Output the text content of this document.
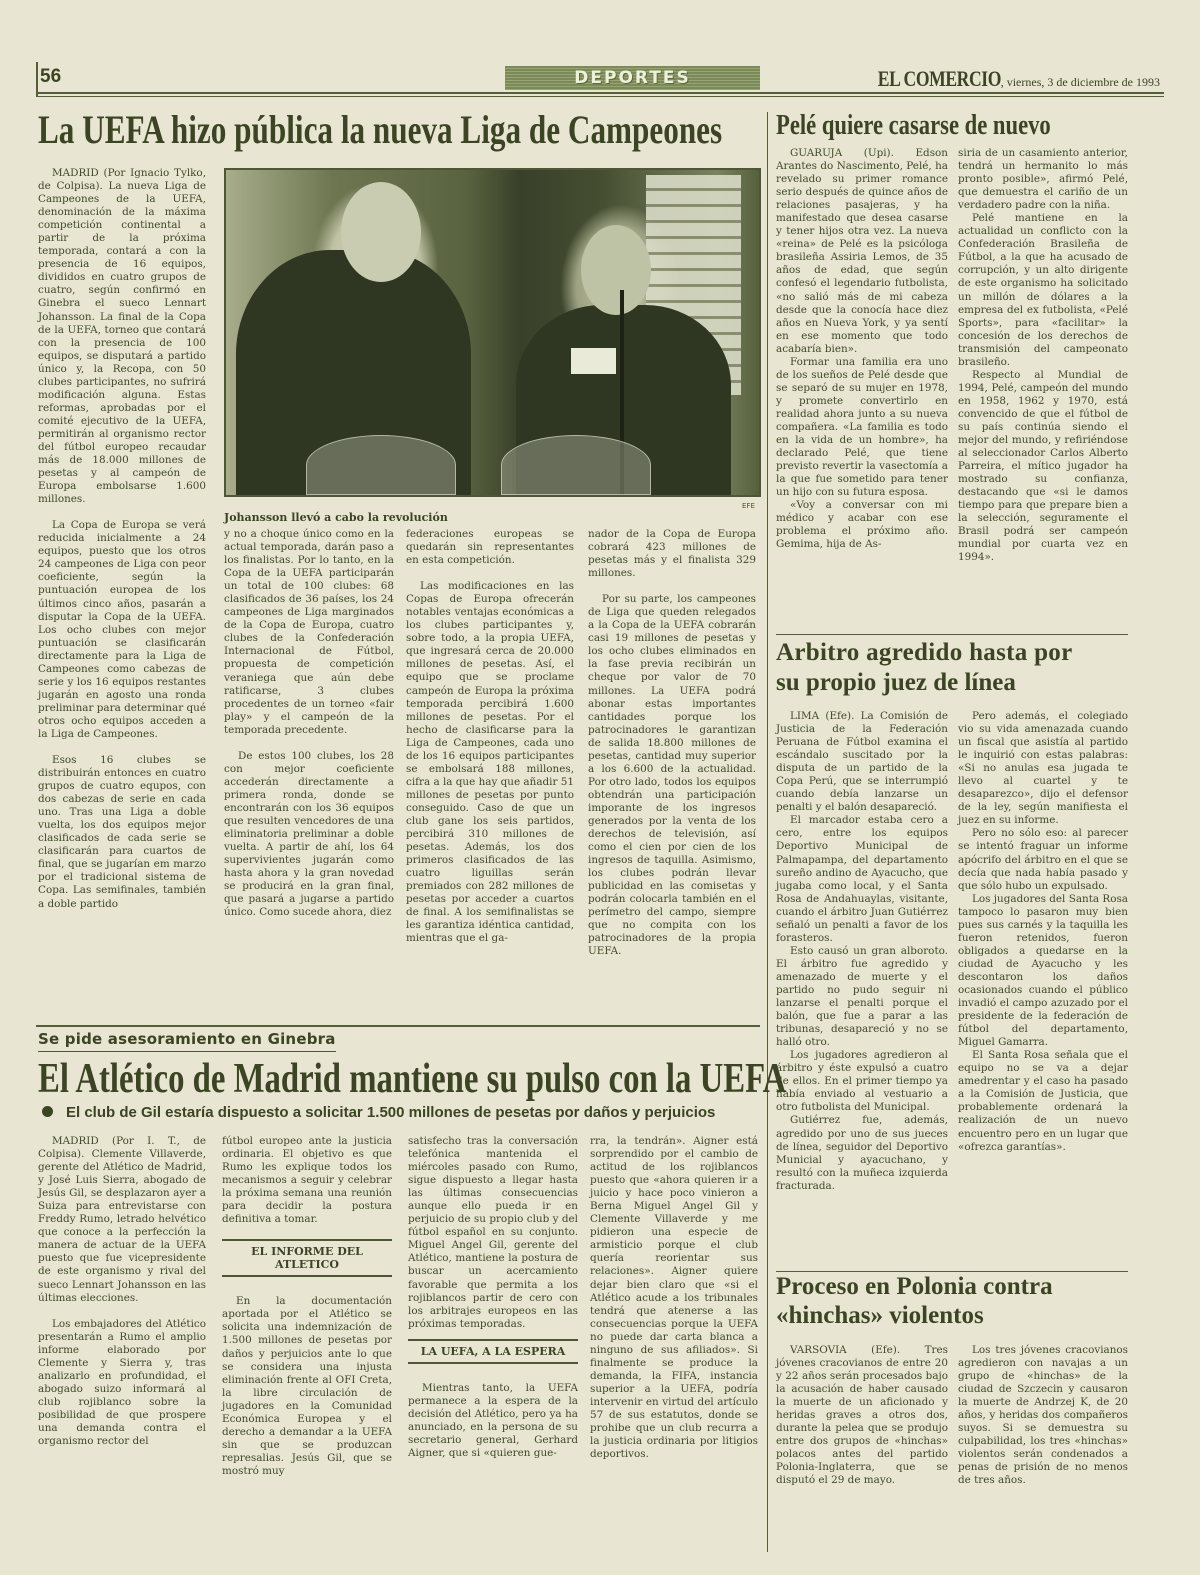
56	DEPORTES	EL COMERCIO, viernes, 3 de diciembre de 1993
La UEFA hizo pública la nueva Liga de Campeones

MADRID (Por Ignacio Tylko, de Colpisa). La nueva Liga de Campeones de la UEFA, denominación de la máxima competición continental a partir de la próxima temporada, contará a con la presencia de 16 equipos, divididos en cuatro grupos de cuatro, según confirmó en Ginebra el sueco Lennart Johansson. La final de la Copa de la UEFA, torneo que contará con la presencia de 100 equipos, se disputará a partido único y, la Recopa, con 50 clubes participantes, no sufrirá modificación alguna. Estas reformas, aprobadas por el comité ejecutivo de la UEFA, permitirán al organismo rector del fútbol europeo recaudar más de 18.000 millones de pesetas y al campeón de Europa embolsarse 1.600 millones.

La Copa de Europa se verá reducida inicialmente a 24 equipos, puesto que los otros 24 campeones de Liga con peor coeficiente, según la puntuación europea de los últimos cinco años, pasarán a disputar la Copa de la UEFA. Los ocho clubes con mejor puntuación se clasificarán directamente para la Liga de Campeones como cabezas de serie y los 16 equipos restantes jugarán en agosto una ronda preliminar para determinar qué otros ocho equipos acceden a la Liga de Campeones.

Esos 16 clubes se distribuirán entonces en cuatro grupos de cuatro equpos, con dos cabezas de serie en cada uno. Tras una Liga a doble vuelta, los dos equipos mejor clasificados de cada serie se clasificarán para cuartos de final, que se jugarían em marzo por el tradicional sistema de Copa. Las semifinales, también a doble partido

EFE
Johansson llevó a cabo la revolución

y no a choque único como en la actual temporada, darán paso a los finalistas. Por lo tanto, en la Copa de la UEFA participarán un total de 100 clubes: 68 clasificados de 36 países, los 24 campeones de Liga marginados de la Copa de Europa, cuatro clubes de la Confederación Internacional de Fútbol, propuesta de competición veraniega que aún debe ratificarse, 3 clubes procedentes de un torneo «fair play» y el campeón de la temporada precedente.

De estos 100 clubes, los 28 con mejor coeficiente accederán directamente a primera ronda, donde se encontrarán con los 36 equipos que resulten vencedores de una eliminatoria preliminar a doble vuelta. A partir de ahí, los 64 supervivientes jugarán como hasta ahora y la gran novedad se producirá en la gran final, que pasará a jugarse a partido único. Como sucede ahora, diez

federaciones europeas se quedarán sin representantes en esta competición.

Las modificaciones en las Copas de Europa ofrecerán notables ventajas económicas a los clubes participantes y, sobre todo, a la propia UEFA, que ingresará cerca de 20.000 millones de pesetas. Así, el equipo que se proclame campeón de Europa la próxima temporada percibirá 1.600 millones de pesetas. Por el hecho de clasificarse para la Liga de Campeones, cada uno de los 16 equipos participantes se embolsará 188 millones, cifra a la que hay que añadir 51 millones de pesetas por punto conseguido. Caso de que un club gane los seis partidos, percibirá 310 millones de pesetas. Además, los dos primeros clasificados de las cuatro liguillas serán premiados con 282 millones de pesetas por acceder a cuartos de final. A los semifinalistas se les garantiza idéntica cantidad, mientras que el ga-

nador de la Copa de Europa cobrará 423 millones de pesetas más y el finalista 329 millones.

Por su parte, los campeones de Liga que queden relegados a la Copa de la UEFA cobrarán casi 19 millones de pesetas y los ocho clubes eliminados en la fase previa recibirán un cheque por valor de 70 millones. La UEFA podrá abonar estas importantes cantidades porque los patrocinadores le garantizan de salida 18.800 millones de pesetas, cantidad muy superior a los 6.600 de la actualidad. Por otro lado, todos los equipos obtendrán una participación imporante de los ingresos generados por la venta de los derechos de televisión, así como el cien por cien de los ingresos de taquilla. Asimismo, los clubes podrán llevar publicidad en las comisetas y podrán colocarla también en el perímetro del campo, siempre que no compita con los patrocinadores de la propia UEFA.

Pelé quiere casarse de nuevo

GUARUJA (Upi). Edson Arantes do Nascimento, Pelé, ha revelado su primer romance serio después de quince años de relaciones pasajeras, y ha manifestado que desea casarse y tener hijos otra vez. La nueva «reina» de Pelé es la psicóloga brasileña Assiria Lemos, de 35 años de edad, que según confesó el legendario futbolista, «no salió más de mi cabeza desde que la conocía hace diez años en Nueva York, y ya sentí en ese momento que todo acabaría bien».

Formar una familia era uno de los sueños de Pelé desde que se separó de su mujer en 1978, y promete convertirlo en realidad ahora junto a su nueva compañera. «La familia es todo en la vida de un hombre», ha declarado Pelé, que tiene previsto revertir la vasectomía a la que fue sometido para tener un hijo con su futura esposa.

«Voy a conversar con mi médico y acabar con ese problema el próximo año. Gemima, hija de As-

siria de un casamiento anterior, tendrá un hermanito lo más pronto posible», afirmó Pelé, que demuestra el cariño de un verdadero padre con la niña.

Pelé mantiene en la actualidad un conflicto con la Confederación Brasileña de Fútbol, a la que ha acusado de corrupción, y un alto dirigente de este organismo ha solicitado un millón de dólares a la empresa del ex futbolista, «Pelé Sports», para «facilitar» la concesión de los derechos de transmisión del campeonato brasileño.

Respecto al Mundial de 1994, Pelé, campeón del mundo en 1958, 1962 y 1970, está convencido de que el fútbol de su país continúa siendo el mejor del mundo, y refiriéndose al seleccionador Carlos Alberto Parreira, el mítico jugador ha mostrado su confianza, destacando que «si le damos tiempo para que prepare bien a la selección, seguramente el Brasil podrá ser campeón mundial por cuarta vez en 1994».

Arbitro agredido hasta por
su propio juez de línea

LIMA (Efe). La Comisión de Justicia de la Federación Peruana de Fútbol examina el escándalo suscitado por la disputa de un partido de la Copa Perú, que se interrumpió cuando debía lanzarse un penalti y el balón desapareció.

El marcador estaba cero a cero, entre los equipos Deportivo Municipal de Palmapampa, del departamento sureño andino de Ayacucho, que jugaba como local, y el Santa Rosa de Andahuaylas, visitante, cuando el árbitro Juan Gutiérrez señaló un penalti a favor de los forasteros.

Esto causó un gran alboroto. El árbitro fue agredido y amenazado de muerte y el partido no pudo seguir ni lanzarse el penalti porque el balón, que fue a parar a las tribunas, desapareció y no se halló otro.

Los jugadores agredieron al árbitro y éste expulsó a cuatro de ellos. En el primer tiempo ya había enviado al vestuario a otro futbolista del Municipal.

Gutiérrez fue, además, agredido por uno de sus jueces de línea, seguidor del Deportivo Municial y ayacuchano, y resultó con la muñeca izquierda fracturada.

Pero además, el colegiado vio su vida amenazada cuando un fiscal que asistía al partido le inquirió con estas palabras: «Si no anulas esa jugada te llevo al cuartel y te desaparezco», dijo el defensor de la ley, según manifiesta el juez en su informe.

Pero no sólo eso: al parecer se intentó fraguar un informe apócrifo del árbitro en el que se decía que nada había pasado y que sólo hubo un expulsado.

Los jugadores del Santa Rosa tampoco lo pasaron muy bien pues sus carnés y la taquilla les fueron retenidos, fueron obligados a quedarse en la ciudad de Ayacucho y les descontaron los daños ocasionados cuando el público invadió el campo azuzado por el presidente de la federación de fútbol del departamento, Miguel Gamarra.

El Santa Rosa señala que el equipo no se va a dejar amedrentar y el caso ha pasado a la Comisión de Justicia, que probablemente ordenará la realización de un nuevo encuentro pero en un lugar que «ofrezca garantías».

Proceso en Polonia contra
«hinchas» violentos

VARSOVIA (Efe). Tres jóvenes cracovianos de entre 20 y 22 años serán procesados bajo la acusación de haber causado la muerte de un aficionado y heridas graves a otros dos, durante la pelea que se produjo entre dos grupos de «hinchas» polacos antes del partido Polonia-Inglaterra, que se disputó el 29 de mayo.

Los tres jóvenes cracovianos agredieron con navajas a un grupo de «hinchas» de la ciudad de Szczecin y causaron la muerte de Andrzej K, de 20 años, y heridas dos compañeros suyos. Si se demuestra su culpabilidad, los tres «hinchas» violentos serán condenados a penas de prisión de no menos de tres años.

Se pide asesoramiento en Ginebra
El Atlético de Madrid mantiene su pulso con la UEFA
El club de Gil estaría dispuesto a solicitar 1.500 millones de pesetas por daños y perjuicios

MADRID (Por I. T., de Colpisa). Clemente Villaverde, gerente del Atlético de Madrid, y José Luis Sierra, abogado de Jesús Gil, se desplazaron ayer a Suiza para entrevistarse con Freddy Rumo, letrado helvético que conoce a la perfección la manera de actuar de la UEFA puesto que fue vicepresidente de este organismo y rival del sueco Lennart Johansson en las últimas elecciones.

Los embajadores del Atlético presentarán a Rumo el amplio informe elaborado por Clemente y Sierra y, tras analizarlo en profundidad, el abogado suizo informará al club rojiblanco sobre la posibilidad de que prospere una demanda contra el organismo rector del

fútbol europeo ante la justicia ordinaria. El objetivo es que Rumo les explique todos los mecanismos a seguir y celebrar la próxima semana una reunión para decidir la postura definitiva a tomar.

EL INFORME DEL ATLETICO

En la documentación aportada por el Atlético se solicita una indemnización de 1.500 millones de pesetas por daños y perjuicios ante lo que se considera una injusta eliminación frente al OFI Creta, la libre circulación de jugadores en la Comunidad Económica Europea y el derecho a demandar a la UEFA sin que se produzcan represalias. Jesús Gil, que se mostró muy

satisfecho tras la conversación telefónica mantenida el miércoles pasado con Rumo, sigue dispuesto a llegar hasta las últimas consecuencias aunque ello pueda ir en perjuicio de su propio club y del fútbol español en su conjunto. Miguel Angel Gil, gerente del Atlético, mantiene la postura de buscar un acercamiento favorable que permita a los rojiblancos partir de cero con los arbitrajes europeos en las próximas temporadas.

LA UEFA, A LA ESPERA

Mientras tanto, la UEFA permanece a la espera de la decisión del Atlético, pero ya ha anunciado, en la persona de su secretario general, Gerhard Aigner, que si «quieren gue-

rra, la tendrán». Aigner está sorprendido por el cambio de actitud de los rojiblancos puesto que «ahora quieren ir a juicio y hace poco vinieron a Berna Miguel Angel Gil y Clemente Villaverde y me pidieron una especie de armisticio porque el club quería reorientar sus relaciones». Aigner quiere dejar bien claro que «si el Atlético acude a los tribunales tendrá que atenerse a las consecuencias porque la UEFA no puede dar carta blanca a ninguno de sus afiliados». Si finalmente se produce la demanda, la FIFA, instancia superior a la UEFA, podría intervenir en virtud del artículo 57 de sus estatutos, donde se prohibe que un club recurra a la justicia ordinaria por litigios deportivos.
